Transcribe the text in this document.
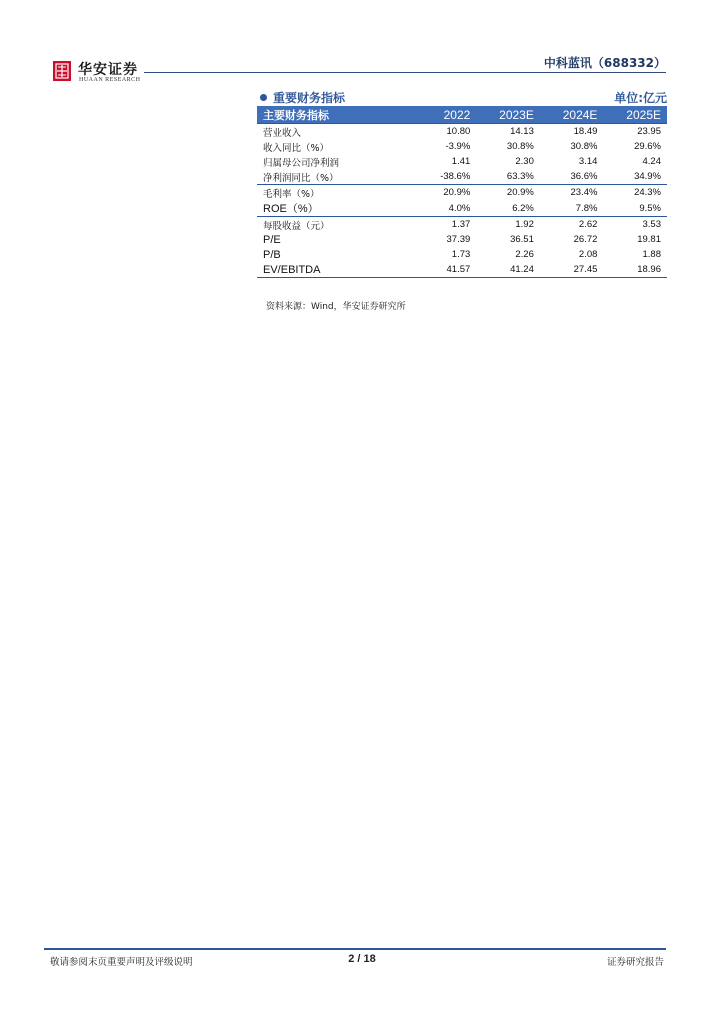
华安证券
HUAAN RESEARCH
中科蓝讯（688332）
重要财务指标	单位:亿元
主要财务指标	2022	2023E	2024E	2025E
营业收入	10.80	14.13	18.49	23.95
收入同比（%）	-3.9%	30.8%	30.8%	29.6%
归属母公司净利润	1.41	2.30	3.14	4.24
净利润同比（%）	-38.6%	63.3%	36.6%	34.9%
毛利率（%）	20.9%	20.9%	23.4%	24.3%
ROE（%）	4.0%	6.2%	7.8%	9.5%
每股收益（元）	1.37	1.92	2.62	3.53
P/E	37.39	36.51	26.72	19.81
P/B	1.73	2.26	2.08	1.88
EV/EBITDA	41.57	41.24	27.45	18.96
资料来源：Wind，华安证券研究所
敬请参阅末页重要声明及评级说明	2 / 18	证券研究报告
